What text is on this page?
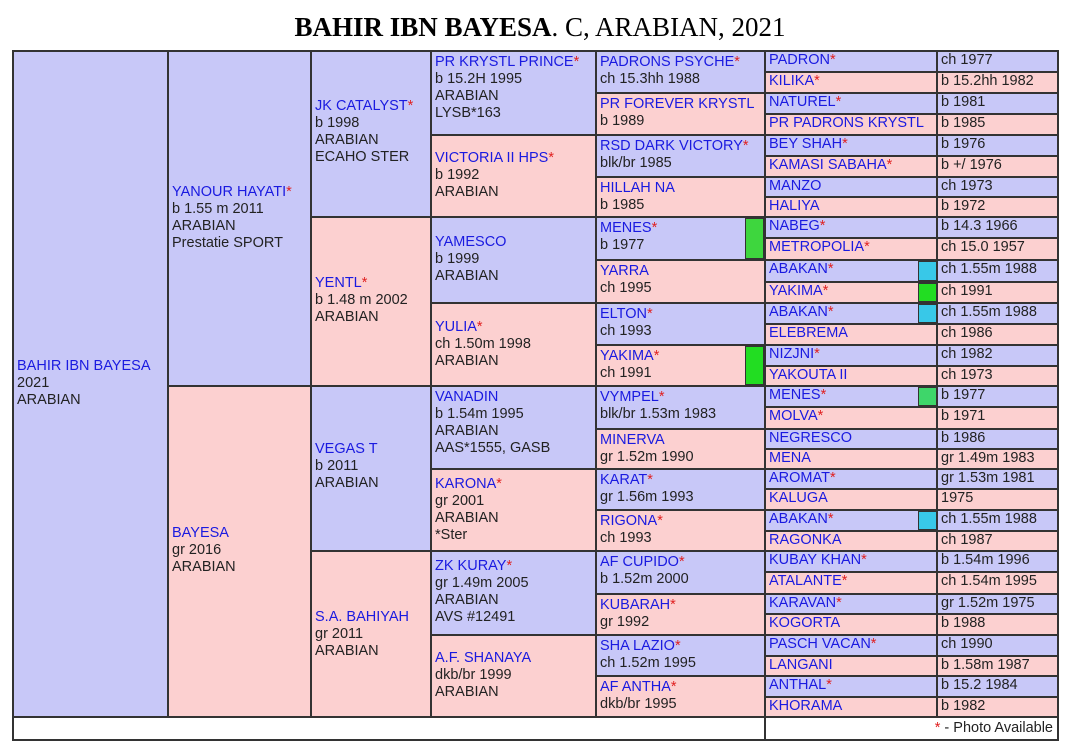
BAHIR IBN BAYESA. C, ARABIAN, 2021
BAHIR IBN BAYESA
2021
ARABIAN
YANOUR HAYATI*
b 1.55 m 2011
ARABIAN
Prestatie SPORT
BAYESA
gr 2016
ARABIAN
JK CATALYST*
b 1998
ARABIAN
ECAHO STER
YENTL*
b 1.48 m 2002
ARABIAN
VEGAS T
b 2011
ARABIAN
S.A. BAHIYAH
gr 2011
ARABIAN
PR KRYSTL PRINCE*
b 15.2H 1995
ARABIAN
LYSB*163
VICTORIA II HPS*
b 1992
ARABIAN
YAMESCO
b 1999
ARABIAN
YULIA*
ch 1.50m 1998
ARABIAN
VANADIN
b 1.54m 1995
ARABIAN
AAS*1555, GASB
KARONA*
gr 2001
ARABIAN
*Ster
ZK KURAY*
gr 1.49m 2005
ARABIAN
AVS #12491
A.F. SHANAYA
dkb/br 1999
ARABIAN
PADRONS PSYCHE*
ch 15.3hh 1988
PR FOREVER KRYSTL
b 1989
RSD DARK VICTORY*
blk/br 1985
HILLAH NA
b 1985
MENES*
b 1977
YARRA
ch 1995
ELTON*
ch 1993
YAKIMA*
ch 1991
VYMPEL*
blk/br 1.53m 1983
MINERVA
gr 1.52m 1990
KARAT*
gr 1.56m 1993
RIGONA*
ch 1993
AF CUPIDO*
b 1.52m 2000
KUBARAH*
gr 1992
SHA LAZIO*
ch 1.52m 1995
AF ANTHA*
dkb/br 1995
PADRON*	ch 1977
KILIKA*	b 15.2hh 1982
NATUREL*	b 1981
PR PADRONS KRYSTL	b 1985
BEY SHAH*	b 1976
KAMASI SABAHA*	b +/ 1976
MANZO	ch 1973
HALIYA	b 1972
NABEG*	b 14.3 1966
METROPOLIA*	ch 15.0 1957
ABAKAN*	ch 1.55m 1988
YAKIMA*	ch 1991
ABAKAN*	ch 1.55m 1988
ELEBREMA	ch 1986
NIZJNI*	ch 1982
YAKOUTA II	ch 1973
MENES*	b 1977
MOLVA*	b 1971
NEGRESCO	b 1986
MENA	gr 1.49m 1983
AROMAT*	gr 1.53m 1981
KALUGA	1975
ABAKAN*	ch 1.55m 1988
RAGONKA	ch 1987
KUBAY KHAN*	b 1.54m 1996
ATALANTE*	ch 1.54m 1995
KARAVAN*	gr 1.52m 1975
KOGORTA	b 1988
PASCH VACAN*	ch 1990
LANGANI	b 1.58m 1987
ANTHAL*	b 15.2 1984
KHORAMA	b 1982
* - Photo Available
